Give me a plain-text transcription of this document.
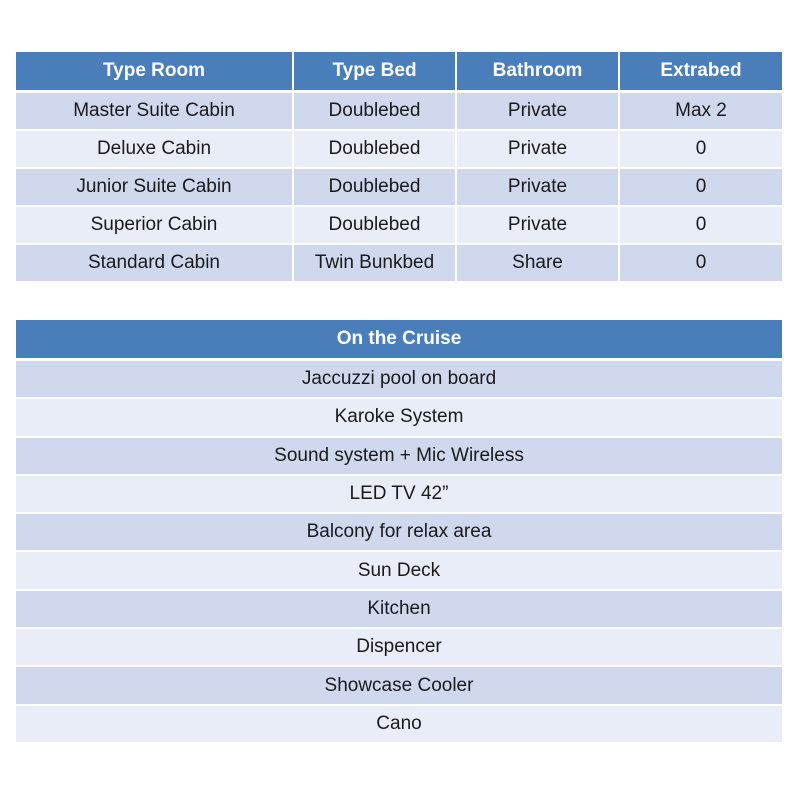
Type Room	Type Bed	Bathroom	Extrabed
Master Suite Cabin	Doublebed	Private	Max 2
Deluxe Cabin	Doublebed	Private	0
Junior Suite Cabin	Doublebed	Private	0
Superior Cabin	Doublebed	Private	0
Standard Cabin	Twin Bunkbed	Share	0
On the Cruise
Jaccuzzi pool on board
Karoke System
Sound system + Mic Wireless
LED TV 42”
Balcony for relax area
Sun Deck
Kitchen
Dispencer
Showcase Cooler
Cano
